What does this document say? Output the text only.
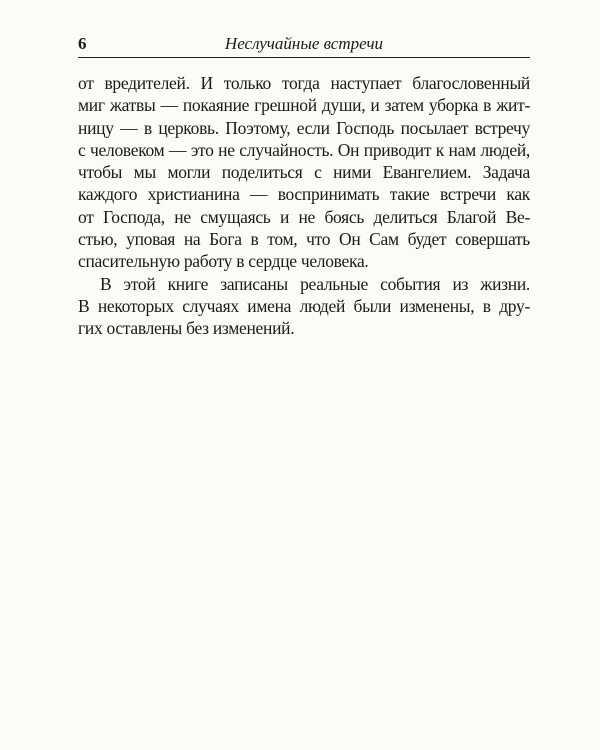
6	Неслучайные встречи
от вредителей. И только тогда наступает благословенный
миг жатвы — покаяние грешной души, и затем уборка в жит-
ницу — в церковь. Поэтому, если Господь посылает встречу
с человеком — это не случайность. Он приводит к нам людей,
чтобы мы могли поделиться с ними Евангелием. Задача
каждого христианина — воспринимать такие встречи как
от Господа, не смущаясь и не боясь делиться Благой Ве-
стью, уповая на Бога в том, что Он Сам будет совершать
спасительную работу в сердце человека.
В этой книге записаны реальные события из жизни.
В некоторых случаях имена людей были изменены, в дру-
гих оставлены без изменений.
